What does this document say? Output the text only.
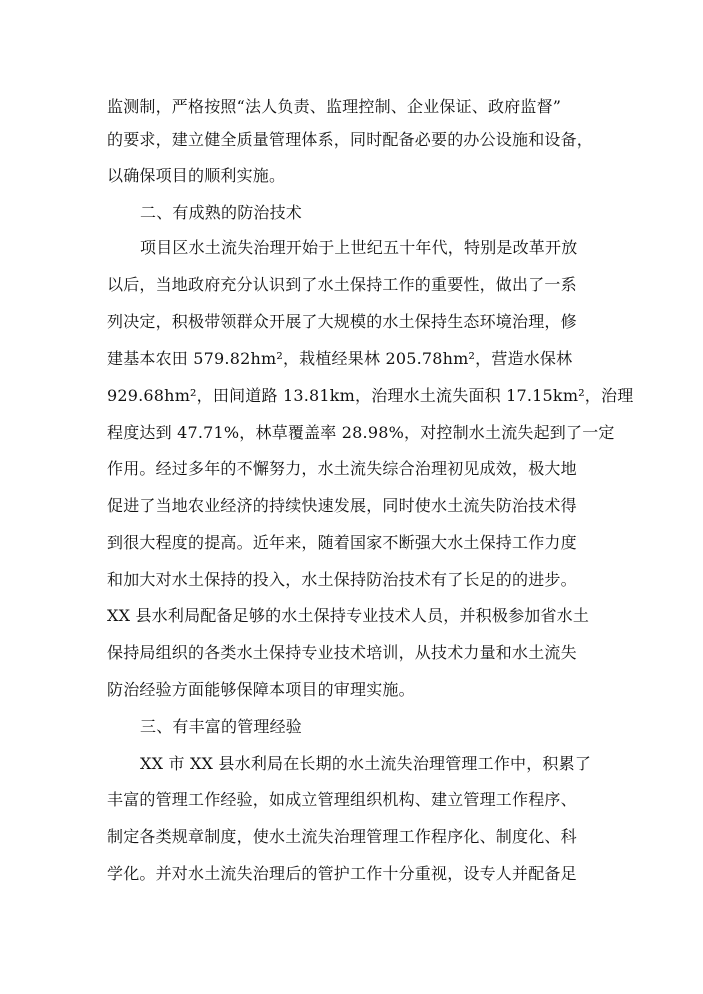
监测制，严格按照“法人负责、监理控制、企业保证、政府监督”
的要求，建立健全质量管理体系，同时配备必要的办公设施和设备，
以确保项目的顺利实施。
二、有成熟的防治技术
项目区水土流失治理开始于上世纪五十年代，特别是改革开放
以后，当地政府充分认识到了水土保持工作的重要性，做出了一系
列决定，积极带领群众开展了大规模的水土保持生态环境治理，修
建基本农田 579.82hm²，栽植经果林 205.78hm²，营造水保林
929.68hm²，田间道路 13.81km，治理水土流失面积 17.15km²，治理
程度达到 47.71%，林草覆盖率 28.98%，对控制水土流失起到了一定
作用。经过多年的不懈努力，水土流失综合治理初见成效，极大地
促进了当地农业经济的持续快速发展，同时使水土流失防治技术得
到很大程度的提高。近年来，随着国家不断强大水土保持工作力度
和加大对水土保持的投入，水土保持防治技术有了长足的的进步。
XX 县水利局配备足够的水土保持专业技术人员，并积极参加省水土
保持局组织的各类水土保持专业技术培训，从技术力量和水土流失
防治经验方面能够保障本项目的审理实施。
三、有丰富的管理经验
XX 市 XX 县水利局在长期的水土流失治理管理工作中，积累了
丰富的管理工作经验，如成立管理组织机构、建立管理工作程序、
制定各类规章制度，使水土流失治理管理工作程序化、制度化、科
学化。并对水土流失治理后的管护工作十分重视，设专人并配备足
